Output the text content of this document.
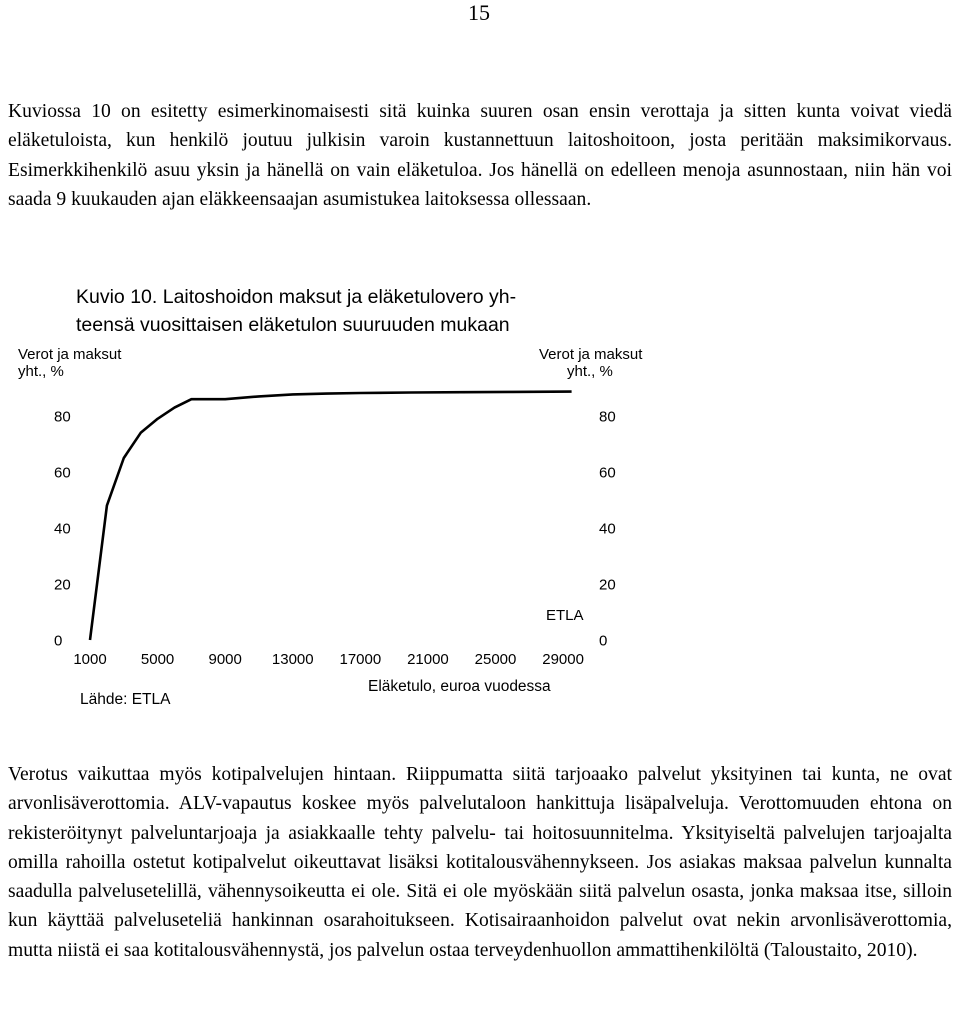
15

Kuviossa 10 on esitetty esimerkinomaisesti sitä kuinka suuren osan ensin verottaja ja sitten kunta voivat viedä eläketuloista, kun henkilö joutuu julkisin varoin kustannettuun laitoshoitoon, josta peritään maksimikorvaus. Esimerkkihenkilö asuu yksin ja hänellä on vain eläketuloa. Jos hänellä on edelleen menoja asunnostaan, niin hän voi saada 9 kuukauden ajan eläkkeensaajan asumistukea laitoksessa ollessaan.

Kuvio 10. Laitoshoidon maksut ja eläketulovero yh-
teensä vuosittaisen eläketulon suuruuden mukaan
Verot ja maksut
yht., %
Verot ja maksut
yht., %
0
20
40
60
80
0
20
40
60
80
1000 5000 9000 13000 17000 21000 25000 29000
ETLA
Eläketulo, euroa vuodessa
Lähde: ETLA

Verotus vaikuttaa myös kotipalvelujen hintaan. Riippumatta siitä tarjoaako palvelut yksityinen tai kunta, ne ovat arvonlisäverottomia. ALV-vapautus koskee myös palvelutaloon hankittuja lisäpalveluja. Verottomuuden ehtona on rekisteröitynyt palveluntarjoaja ja asiakkaalle tehty palvelu- tai hoitosuunnitelma. Yksityiseltä palvelujen tarjoajalta omilla rahoilla ostetut kotipalvelut oikeuttavat lisäksi kotitalousvähennykseen. Jos asiakas maksaa palvelun kunnalta saadulla palvelusetelillä, vähennysoikeutta ei ole. Sitä ei ole myöskään siitä palvelun osasta, jonka maksaa itse, silloin kun käyttää palveluseteliä hankinnan osarahoitukseen. Kotisairaanhoidon palvelut ovat nekin arvonlisäverottomia, mutta niistä ei saa kotitalousvähennystä, jos palvelun ostaa terveydenhuollon ammattihenkilöltä (Taloustaito, 2010).
